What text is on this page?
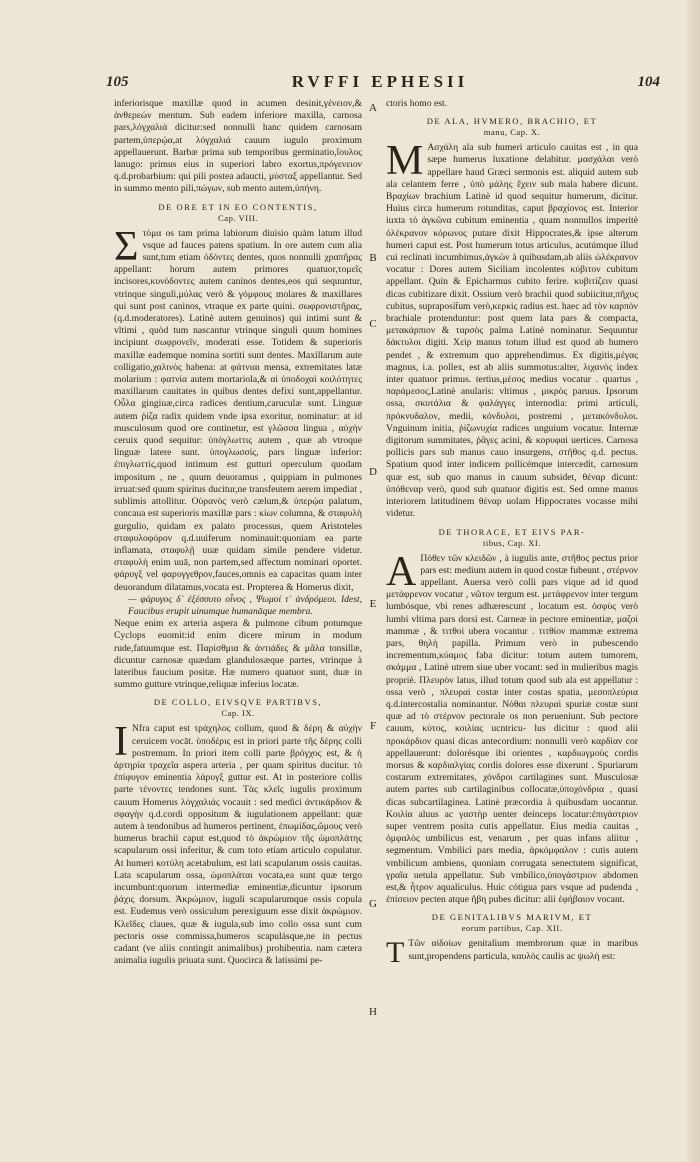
105	RVFFI EPHESII	104

inferiorisque maxillæ quod in acumen desinit,γένειον,& ἀνθερεών mentum. Sub eadem inferiore maxilla, carnosa pars,λόγχαλιά dicitur:sed nonnulli hanc quidem carnosam partem,ὑπερῴα,at λόγχαλιά cauum iugulo proximum appellauerunt. Barbæ prima sub temporibus germinatio,ἴουλος lanugo: primus eius in superiori labro exortus,πρόγενειον q.d.probarbium: qui pili postea adaucti, μύσταξ appellantur. Sed in summo mento pili,πώγων, sub mento autem,ὑπήνη.

DE ORE ET IN EO CONTENTIS,
Cap. VIII.

Στόμα os tam prima labiorum diuisio quàm latum illud vsque ad fauces patens spatium. In ore autem cum alia sunt,tum etiam ὀδόντες dentes, quos nonnulli χραπῆρας appellant: horum autem primores quatuor,τομεῖς incisores,κυνόδοντες autem caninos dentes,eos qui sequuntur, vtrinque singuli,μύλας verò & γόμφους molares & maxillares qui sunt post caninos, vtraque ex parte quini. σωφρονιστῆρας,(q.d.moderatores). Latinè autem genuinos) qui intimi sunt & vltimi , quòd tum nascantur vtrinque singuli quum homines incipiunt σωφρονεῖν, moderati esse. Totidem & superioris maxillæ eademque nomina sortiti sunt dentes. Maxillarum aute colligatio,χαλινὸς habena: at φάτνιαι mensa, extremitates latæ molarium : φατνία autem mortariola,& αἱ ὑποδοχαὶ κοιλότητες maxillarum cauitates in quibus dentes defixi sunt,appellantur. Οὖλα gingiuæ,circa radices dentium,caruculæ sunt. Linguæ autem ῥίζα radix quidem vnde ipsa exoritur, nominatur: at id musculosum quod ore continetur, est γλῶσσα lingua , αὐχὴν ceruix quod sequitur: ὑπόγλωττις autem , quæ ab vtroque linguæ latere sunt. ὑπογλωσσίς, pars linguæ inferior: ἐπιγλωττίς,quod intimum est gutturi operculum quodam impositum , ne , quum deuoramus , quippiam in pulmones irruat:sed quum spiritus ducitur,ne transfeutem aerem impediat , sublimis attollitur. Οὐρανὸς verò cælum,& ὑπερῴα palatum, concaua est superioris maxillæ pars : κίων columna, & σταφυλὴ gurgulio, quidam ex palato processus, quem Aristoteles σταφυλοφόρον q.d.uuiferum nominauit:quoniam ea parte inflamata, σταφυλῇ uuæ quidam simile pendere videtur. σταφυλὴ enim uuā, non partem,sed affectum nominari oportet. φάρυγξ vel φαρυγγεθρον,fauces,omnis ea capacitas quam inter deuorandum dilatamus,vocata est. Propterea & Homerus dixit,

— φάρυγος δ᾽ ἐξέσσυτο οἶνος , Ψωμοί τ᾽ ἀνδρόμεοι. Idest, Faucibus erupit uinumque humanāque membra.

Neque enim ex arteria aspera & pulmone cibum potumque Cyclops euomit:id enim dicere mirum in modum rude,fatuumque est. Παρίσθμια & ἀντιάδες & μᾶλα tonsillæ, dicuntur carnosæ quædam glandulosæque partes, vtrinque à lateribus faucium positæ. Hæ numero quatuor sunt, duæ in summo gutture vtrinque,reliquæ inferius locatæ.

DE COLLO, EIVSQVE PARTIBVS,
Cap. IX.

I Nfra caput est τράχηλος collum, quod & δέρη & αὐχὴν ceruicem vocāt. ὑποδέρις est in priori parte τῆς δέρης colli postremum. In priori item colli parte βρόγχος est, & ἡ ἀρτηρία τραχεῖα aspera arteria , per quam spiritus ducitur. τὸ ἐπίφυγον eminentia λάρυγξ guttur est. At in posteriore collis parte τένοντες tendones sunt. Τὰς κλεῖς iugulis proximum cauum Homerus λόγχαλιάς vocauit : sed medici ἀντικάρδιον & σφαγὴν q.d.cordi oppositum & iugulationem appellant: quæ autem à tendonibus ad humeros pertinent, ἐπωμίδας,ὤμους verò humerus brachii caput est,quod τὸ ἀκρώμιον τῆς ὠμοπλάτης scapularum ossi inferitur, & cum toto etiam articulo copulatur. At humeri κοτύλη acetabulum, est lati scapularum ossis cauitas. Lata scapularum ossa, ὠμοπλάται vocata,ea sunt quæ tergo incumbunt:quorum intermediæ eminentiæ,dicuntur ipsorum ῥάχις dorsum. Ἀκρώμιον, iuguli scapularumque ossis copula est. Eudemus verò ossiculum perexiguum esse dixit ἀκρώμιον. Κλεῖδες claues, quæ & iugula,sub imo collo ossa sunt cum pectoris osse commissa,humeros scapulásque,ne in pectus cadant (ve aliis contingit animalibus) prohibentia. nam cætera animalia iugulis priuata sunt. Quocirca & latissimi pe-

A
B
C
D
E
F
G
H

ctoris homo est.

DE ALA, HVMERO, BRACHIO, ET
manu, Cap. X.

M Ασχάλη ala sub humeri articulo cauitas est , in qua sæpe humerus luxatione delabitur. μασχάλαι verò appellare haud Græci sermonis est. aliquid autem sub ala celantem ferre , ὑπὸ μάλης ἔχειν sub mala habere dicunt. Βραχίων brachium Latinè id quod sequitur humerum, dicitur. Huius circa humerum rotunditas, caput βραχίονος est. Interior iuxta τὸ ἀγκῶνα cubitum eminentia , quam nonnullos imperitè ὀλέκρανον κόρωνος putare dixit Hippocrates,& ipse alterum humeri caput est. Post humerum totus articulus, acutúmque illud cui reclinati incumbimus,ἀγκὼν à quibusdam,ab aliis ὠλέκρανον vocatur : Dores autem Siciliam incolentes κύβιτον cubitum appellant. Quin & Epicharmus cubito ferire. κυβιτίζειν quasi dicas cubitizare dixit. Ossium verò brachii quod subiicitur,πῆχυς cubitus, supraposit̄um verò,κερκὶς radius est. haec ad τὸν καρπὸν brachiale protenduntur: post quem lata pars & compacta, μετακάρπιον & ταρσὸς palma Latinè nominatur. Sequuntur δάκτυλοι digiti. Χεὶρ manus totum illud est quod ab humero pendet , & extremum quo apprehendimus. Ex digitis,μέγας magnus, i.a. pollex, est ab aliis summotus:alter, λιχανὸς index inter quatuor primus. tertius,μέσος medius vocatur . quartus , παράμεσος,Latinè anularis: vltimus , μικρὸς paruus. Ipsorum ossa, σκυτάλια & φαλάγγες internodia: primi articuli, πρόκνυδαλον, medii, κόνδυλοι, postremi , μετακόνδυλοι. Vnguinum initia, ῥίζωνυχία radices unguium vocatur. Internæ digitorum summitates, ῥᾶγες acini, & κορυφαὶ uertices. Carnosa pollicis pars sub manus cauo insurgens, στῆθος q.d. pectus. Spatium quod inter indicem pollicémque intercedit, carnosum quæ est, sub quo manus in cauum subsidet, θέναρ dicunt: ὑπόθεναρ verò, quod sub quatuor digitis est. Sed omne manus interiorem latitudinem θέναρ uolam Hippocrates vocasse mihi videtur.

DE THORACE, ET EIVS PAR-
tibus, Cap. XI.

A Πόθεν τῶν κλειδῶν , à iugulis ante, στῆθος pectus prior pars est: medium autem in quod costæ fubeunt , στέρνον appellant. Auersa verò colli pars vique ad id quod μετάφρενον vocatur , νῶτον tergum est. μετάφρενον inter tergum lumbósque, vbi renes adhærescunt , locatum est. ὀσφὺς verò lumbi vltima pars dorsi est. Carneæ in pectore eminentiæ, μαζοὶ mammæ , & τιτθοὶ ubera vocantur . τιτθίον mammæ extrema pars, θηλὴ papilla. Primum verò in pubescendo incrementum,κύαμος faba dicitur: totum autem tumorem, σκάμμα , Latinè utrem siue uber vocant: sed in mulieribus magis propriè. Πλευρὸν latus, illud totum quod sub ala est appellatur : ossa verò , πλευραὶ costæ inter costas spatia, μεσοπλεύρια q.d.intercostalia nominantur. Νόθαι πλευραὶ spuriæ costæ sunt quæ ad τὸ στέρνον pectorale os non perueniunt. Sub pectore cauum, κύτος, κοιλίας ucntricu- lus dicitur : quod alii προκάρδιον quasi dicas antecordium: nonnulli verò καρδίαν cor appellauerunt: dolorésque ibi orientes , καρδιωγμοὺς cordis morsus & καρδιαλγίας cordis dolores esse dixerunt . Spuriarum costarum extremitates, χόνδροι cartilagines sunt. Musculosæ autem partes sub cartilaginibus collocatæ,ὑποχόνδρια , quasi dicas subcartilaginea. Latinè præcordia à quibusdam uocantur. Κοιλία aluus ac γαστὴρ uenter deinceps locatur:ἐπιγάστριον super ventrem posita cutis appellatur. Eius media cauitas , ὀμφαλὸς umbilicus est, venarum , per quas infans aliitur , segmentum. Vmbilici pars media, ἀρκόμφαλον : cutis autem vmbilicum ambiens, quoniam corrugata senectutem significat, γραῖα uetula appellatur. Sub vmbilico,ὑπογάστριον abdomen est,& ἦτρον aqualiculus. Huic cótigua pars vsque ad pudenda , ἐπίσειον pecten atque ἥβη pubes dicitur: alii ἐφήβαιον vocant.

DE GENITALIBVS MARIVM, ET
eorum partibus, Cap. XII.

T Τῶν αἰδοίων genitalium membrorum quæ in maribus sunt,propendens particula, καυλὸς caulis ac ψωλὴ est:
